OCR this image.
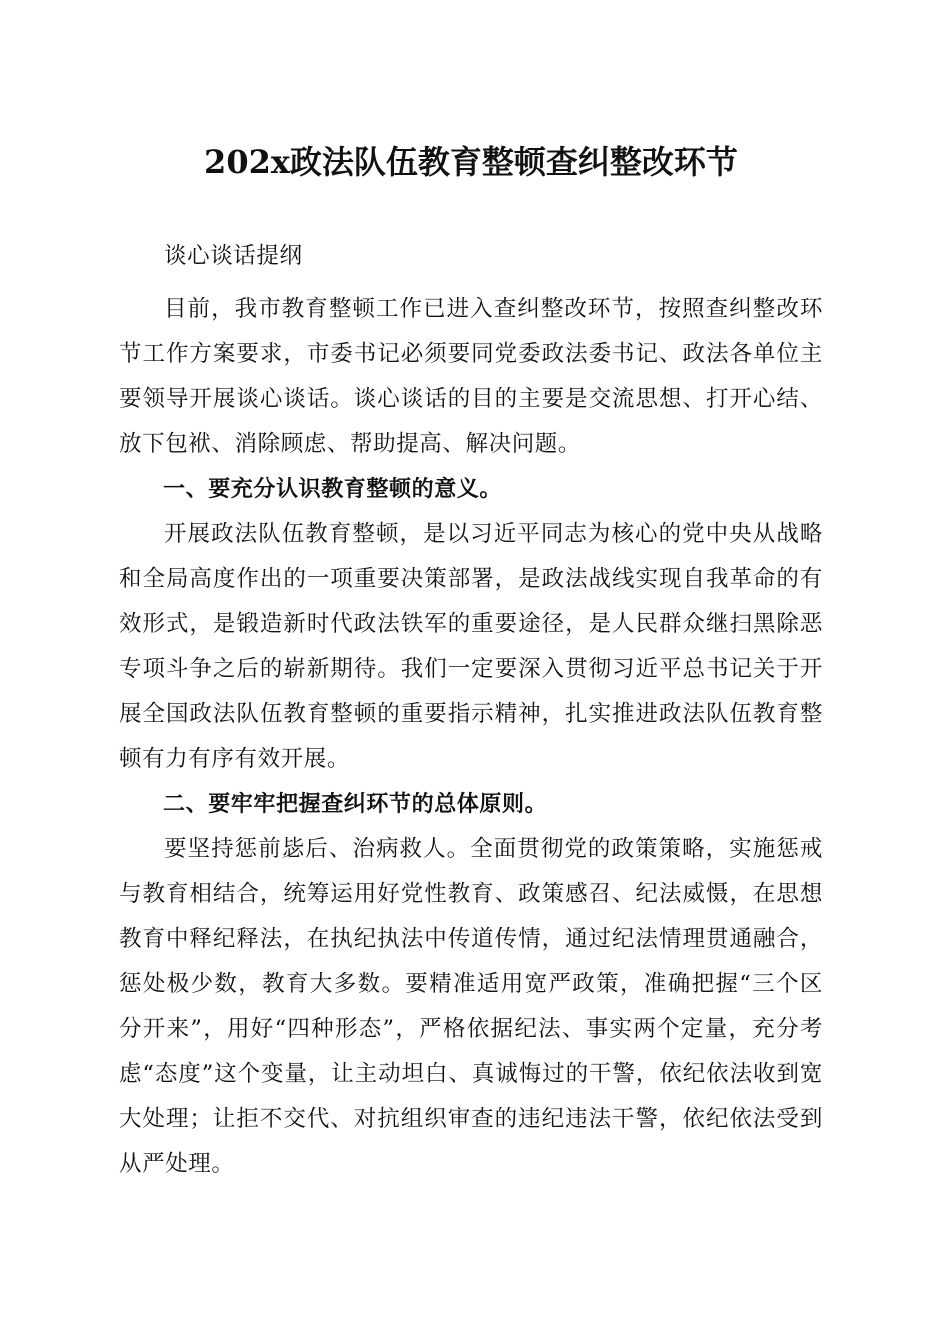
202x政法队伍教育整顿查纠整改环节

谈心谈话提纲

目前，我市教育整顿工作已进入查纠整改环节，按照查纠整改环节工作方案要求，市委书记必须要同党委政法委书记、政法各单位主要领导开展谈心谈话。谈心谈话的目的主要是交流思想、打开心结、放下包袱、消除顾虑、帮助提高、解决问题。

一、要充分认识教育整顿的意义。

开展政法队伍教育整顿，是以习近平同志为核心的党中央从战略和全局高度作出的一项重要决策部署，是政法战线实现自我革命的有效形式，是锻造新时代政法铁军的重要途径，是人民群众继扫黑除恶专项斗争之后的崭新期待。我们一定要深入贯彻习近平总书记关于开展全国政法队伍教育整顿的重要指示精神，扎实推进政法队伍教育整顿有力有序有效开展。

二、要牢牢把握查纠环节的总体原则。

要坚持惩前毖后、治病救人。全面贯彻党的政策策略，实施惩戒与教育相结合，统筹运用好党性教育、政策感召、纪法威慑，在思想教育中释纪释法，在执纪执法中传道传情，通过纪法情理贯通融合，惩处极少数，教育大多数。要精准适用宽严政策，准确把握“三个区分开来”，用好“四种形态”，严格依据纪法、事实两个定量，充分考虑“态度”这个变量，让主动坦白、真诚悔过的干警，依纪依法收到宽大处理；让拒不交代、对抗组织审查的违纪违法干警，依纪依法受到从严处理。
